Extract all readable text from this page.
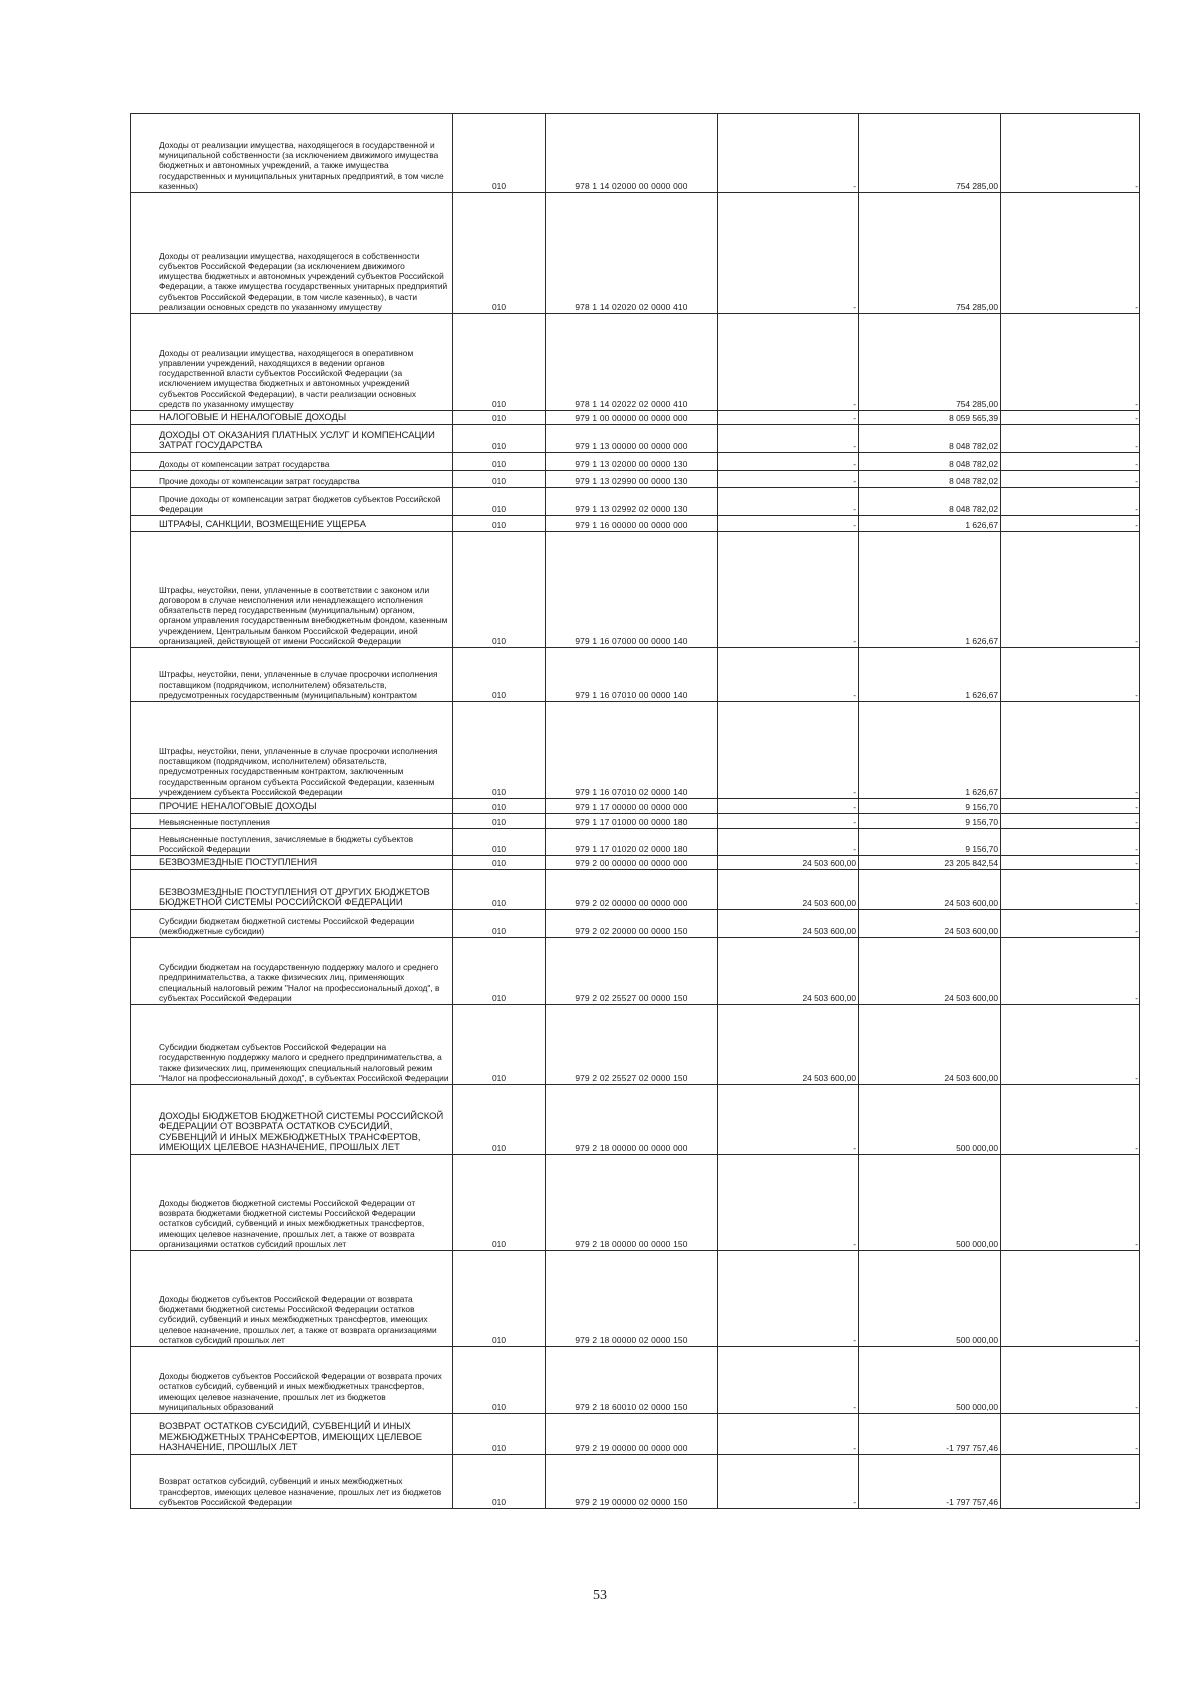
Доходы от реализации имущества, находящегося в государственной и муниципальной собственности (за исключением движимого имущества бюджетных и автономных учреждений, а также имущества государственных и муниципальных унитарных предприятий, в том числе казенных)	010	978 1 14 02000 00 0000 000	-	754 285,00	-
Доходы от реализации имущества, находящегося в собственности субъектов Российской Федерации (за исключением движимого имущества бюджетных и автономных учреждений субъектов Российской Федерации, а также имущества государственных унитарных предприятий субъектов Российской Федерации, в том числе казенных), в части реализации основных средств по указанному имуществу	010	978 1 14 02020 02 0000 410	-	754 285,00	-
Доходы от реализации имущества, находящегося в оперативном управлении учреждений, находящихся в ведении органов государственной власти субъектов Российской Федерации (за исключением имущества бюджетных и автономных учреждений субъектов Российской Федерации), в части реализации основных средств по указанному имуществу	010	978 1 14 02022 02 0000 410	-	754 285,00	-
НАЛОГОВЫЕ И НЕНАЛОГОВЫЕ ДОХОДЫ	010	979 1 00 00000 00 0000 000	-	8 059 565,39	-
ДОХОДЫ ОТ ОКАЗАНИЯ ПЛАТНЫХ УСЛУГ И КОМПЕНСАЦИИ ЗАТРАТ ГОСУДАРСТВА	010	979 1 13 00000 00 0000 000	-	8 048 782,02	-
Доходы от компенсации затрат государства	010	979 1 13 02000 00 0000 130	-	8 048 782,02	-
Прочие доходы от компенсации затрат государства	010	979 1 13 02990 00 0000 130	-	8 048 782,02	-
Прочие доходы от компенсации затрат бюджетов субъектов Российской Федерации	010	979 1 13 02992 02 0000 130	-	8 048 782,02	-
ШТРАФЫ, САНКЦИИ, ВОЗМЕЩЕНИЕ УЩЕРБА	010	979 1 16 00000 00 0000 000	-	1 626,67	-
Штрафы, неустойки, пени, уплаченные в соответствии с законом или договором в случае неисполнения или ненадлежащего исполнения обязательств перед государственным (муниципальным) органом, органом управления государственным внебюджетным фондом, казенным учреждением, Центральным банком Российской Федерации, иной организацией, действующей от имени Российской Федерации	010	979 1 16 07000 00 0000 140	-	1 626,67	-
Штрафы, неустойки, пени, уплаченные в случае просрочки исполнения поставщиком (подрядчиком, исполнителем) обязательств, предусмотренных государственным (муниципальным) контрактом	010	979 1 16 07010 00 0000 140	-	1 626,67	-
Штрафы, неустойки, пени, уплаченные в случае просрочки исполнения поставщиком (подрядчиком, исполнителем) обязательств, предусмотренных государственным контрактом, заключенным государственным органом субъекта Российской Федерации, казенным учреждением субъекта Российской Федерации	010	979 1 16 07010 02 0000 140	-	1 626,67	-
ПРОЧИЕ НЕНАЛОГОВЫЕ ДОХОДЫ	010	979 1 17 00000 00 0000 000	-	9 156,70	-
Невыясненные поступления	010	979 1 17 01000 00 0000 180	-	9 156,70	-
Невыясненные поступления, зачисляемые в бюджеты субъектов Российской Федерации	010	979 1 17 01020 02 0000 180	-	9 156,70	-
БЕЗВОЗМЕЗДНЫЕ ПОСТУПЛЕНИЯ	010	979 2 00 00000 00 0000 000	24 503 600,00	23 205 842,54	-
БЕЗВОЗМЕЗДНЫЕ ПОСТУПЛЕНИЯ ОТ ДРУГИХ БЮДЖЕТОВ БЮДЖЕТНОЙ СИСТЕМЫ РОССИЙСКОЙ ФЕДЕРАЦИИ	010	979 2 02 00000 00 0000 000	24 503 600,00	24 503 600,00	-
Субсидии бюджетам бюджетной системы Российской Федерации (межбюджетные субсидии)	010	979 2 02 20000 00 0000 150	24 503 600,00	24 503 600,00	-
Субсидии бюджетам на государственную поддержку малого и среднего предпринимательства, а также физических лиц, применяющих специальный налоговый режим "Налог на профессиональный доход", в субъектах Российской Федерации	010	979 2 02 25527 00 0000 150	24 503 600,00	24 503 600,00	-
Субсидии бюджетам субъектов Российской Федерации на государственную поддержку малого и среднего предпринимательства, а также физических лиц, применяющих специальный налоговый режим "Налог на профессиональный доход", в субъектах Российской Федерации	010	979 2 02 25527 02 0000 150	24 503 600,00	24 503 600,00	-
ДОХОДЫ БЮДЖЕТОВ БЮДЖЕТНОЙ СИСТЕМЫ РОССИЙСКОЙ ФЕДЕРАЦИИ ОТ ВОЗВРАТА ОСТАТКОВ СУБСИДИЙ, СУБВЕНЦИЙ И ИНЫХ МЕЖБЮДЖЕТНЫХ ТРАНСФЕРТОВ, ИМЕЮЩИХ ЦЕЛЕВОЕ НАЗНАЧЕНИЕ, ПРОШЛЫХ ЛЕТ	010	979 2 18 00000 00 0000 000	-	500 000,00	-
Доходы бюджетов бюджетной системы Российской Федерации от возврата бюджетами бюджетной системы Российской Федерации остатков субсидий, субвенций и иных межбюджетных трансфертов, имеющих целевое назначение, прошлых лет, а также от возврата организациями остатков субсидий прошлых лет	010	979 2 18 00000 00 0000 150	-	500 000,00	-
Доходы бюджетов субъектов Российской Федерации от возврата бюджетами бюджетной системы Российской Федерации остатков субсидий, субвенций и иных межбюджетных трансфертов, имеющих целевое назначение, прошлых лет, а также от возврата организациями остатков субсидий прошлых лет	010	979 2 18 00000 02 0000 150	-	500 000,00	-
Доходы бюджетов субъектов Российской Федерации от возврата прочих остатков субсидий, субвенций и иных межбюджетных трансфертов, имеющих целевое назначение, прошлых лет из бюджетов муниципальных образований	010	979 2 18 60010 02 0000 150	-	500 000,00	-
ВОЗВРАТ ОСТАТКОВ СУБСИДИЙ, СУБВЕНЦИЙ И ИНЫХ МЕЖБЮДЖЕТНЫХ ТРАНСФЕРТОВ, ИМЕЮЩИХ ЦЕЛЕВОЕ НАЗНАЧЕНИЕ, ПРОШЛЫХ ЛЕТ	010	979 2 19 00000 00 0000 000	-	-1 797 757,46	-
Возврат остатков субсидий, субвенций и иных межбюджетных трансфертов, имеющих целевое назначение, прошлых лет из бюджетов субъектов Российской Федерации	010	979 2 19 00000 02 0000 150	-	-1 797 757,46	-
53
